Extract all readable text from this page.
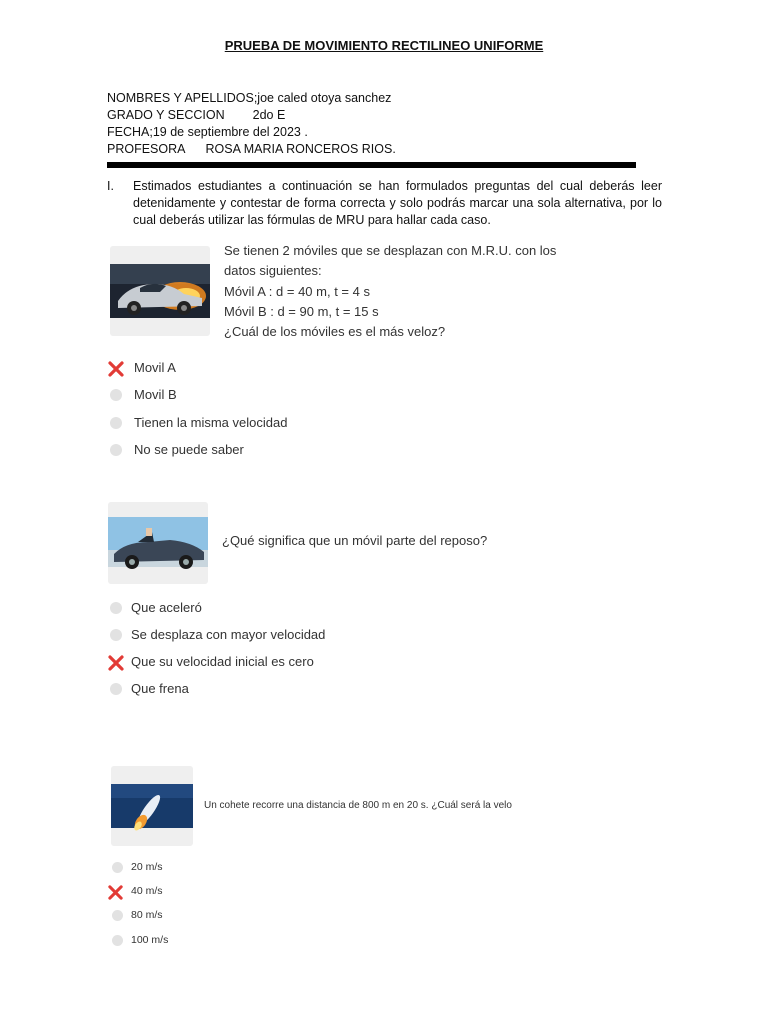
PRUEBA DE MOVIMIENTO RECTILINEO UNIFORME
NOMBRES Y APELLIDOS;joe caled otoya sanchez
GRADO Y SECCION 2do E
FECHA;19 de septiembre del 2023 .
PROFESORA ROSA MARIA RONCEROS RIOS.
I. Estimados estudiantes a continuación se han formulados preguntas del cual deberás leer detenidamente y contestar de forma correcta y solo podrás marcar una sola alternativa, por lo cual deberás utilizar las fórmulas de MRU para hallar cada caso.
Se tienen 2 móviles que se desplazan con M.R.U. con los
datos siguientes:
Móvil A : d = 40 m, t = 4 s
Móvil B : d = 90 m, t = 15 s
¿Cuál de los móviles es el más veloz?
Movil A
Movil B
Tienen la misma velocidad
No se puede saber
¿Qué significa que un móvil parte del reposo?
Que aceleró
Se desplaza con mayor velocidad
Que su velocidad inicial es cero
Que frena
Un cohete recorre una distancia de 800 m en 20 s. ¿Cuál será la velo
20 m/s
40 m/s
80 m/s
100 m/s
